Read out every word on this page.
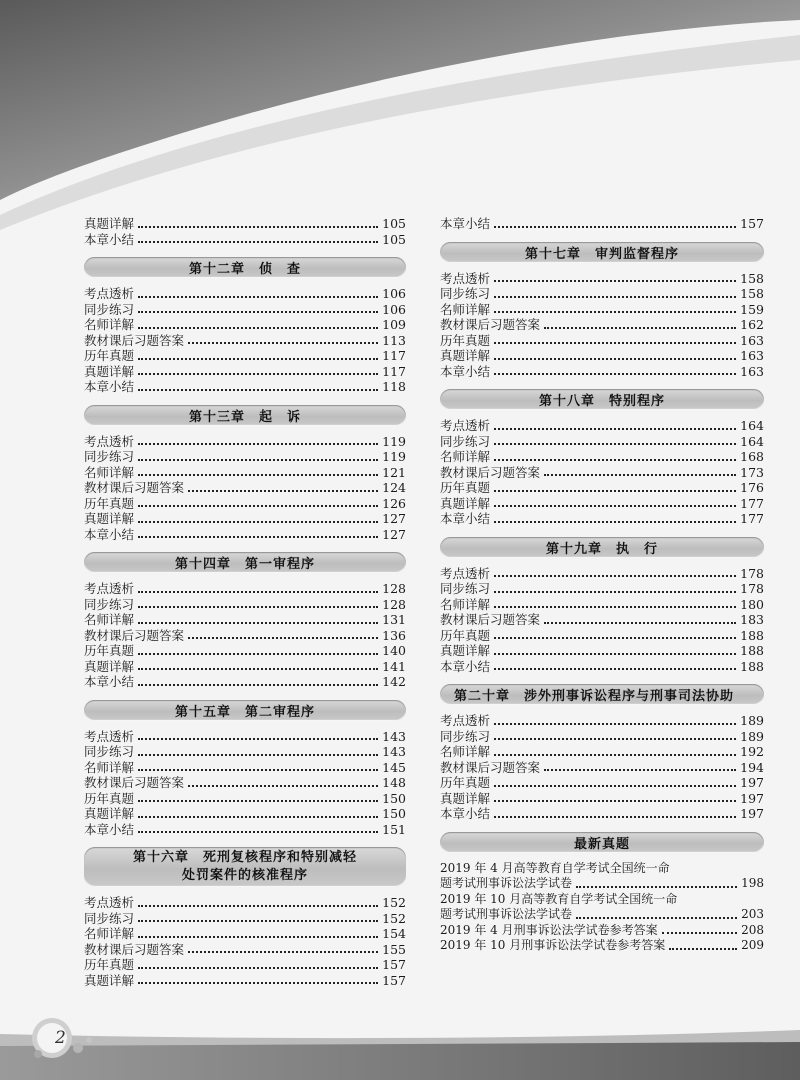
2
真题详解	105
本章小结	105
第十二章　侦　查
考点透析	106
同步练习	106
名师详解	109
教材课后习题答案	113
历年真题	117
真题详解	117
本章小结	118
第十三章　起　诉
考点透析	119
同步练习	119
名师详解	121
教材课后习题答案	124
历年真题	126
真题详解	127
本章小结	127
第十四章　第一审程序
考点透析	128
同步练习	128
名师详解	131
教材课后习题答案	136
历年真题	140
真题详解	141
本章小结	142
第十五章　第二审程序
考点透析	143
同步练习	143
名师详解	145
教材课后习题答案	148
历年真题	150
真题详解	150
本章小结	151
第十六章　死刑复核程序和特别减轻
处罚案件的核准程序
考点透析	152
同步练习	152
名师详解	154
教材课后习题答案	155
历年真题	157
真题详解	157
本章小结	157
第十七章　审判监督程序
考点透析	158
同步练习	158
名师详解	159
教材课后习题答案	162
历年真题	163
真题详解	163
本章小结	163
第十八章　特别程序
考点透析	164
同步练习	164
名师详解	168
教材课后习题答案	173
历年真题	176
真题详解	177
本章小结	177
第十九章　执　行
考点透析	178
同步练习	178
名师详解	180
教材课后习题答案	183
历年真题	188
真题详解	188
本章小结	188
第二十章　涉外刑事诉讼程序与刑事司法协助
考点透析	189
同步练习	189
名师详解	192
教材课后习题答案	194
历年真题	197
真题详解	197
本章小结	197
最新真题
2019 年 4 月高等教育自学考试全国统一命
题考试刑事诉讼法学试卷	198
2019 年 10 月高等教育自学考试全国统一命
题考试刑事诉讼法学试卷	203
2019 年 4 月刑事诉讼法学试卷参考答案	208
2019 年 10 月刑事诉讼法学试卷参考答案	209
